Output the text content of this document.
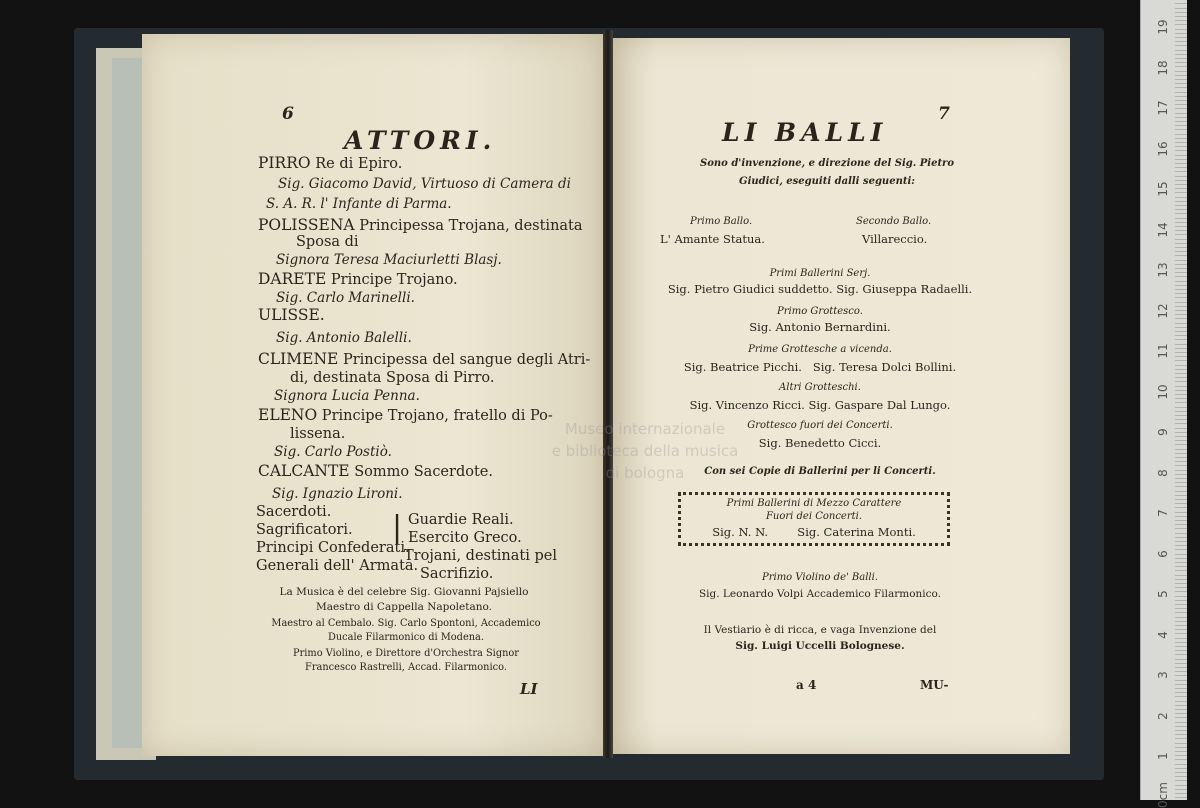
6
ATTORI.
PIRRO Re di Epiro.
Sig. Giacomo David, Virtuoso di Camera di
S. A. R. l' Infante di Parma.
POLISSENA Principessa Trojana, destinata
Sposa di
Signora Teresa Maciurletti Blasj.
DARETE Principe Trojano.
Sig. Carlo Marinelli.
ULISSE.
Sig. Antonio Balelli.
CLIMENE Principessa del sangue degli Atri-
di, destinata Sposa di Pirro.
Signora Lucia Penna.
ELENO Principe Trojano, fratello di Po-
lissena.
Sig. Carlo Postiò.
CALCANTE Sommo Sacerdote.
Sig. Ignazio Lironi.
Sacerdoti.
Sagrificatori.
Principi Confederati.
Generali dell' Armata.
| Guardie Reali.
Esercito Greco.
Trojani, destinati pel
Sacrifizio.
La Musica è del celebre Sig. Giovanni Pajsiello
Maestro di Cappella Napoletano.
Maestro al Cembalo. Sig. Carlo Spontoni, Accademico
Ducale Filarmonico di Modena.
Primo Violino, e Direttore d'Orchestra Signor
Francesco Rastrelli, Accad. Filarmonico.
LI
LI BALLI
7
Sono d'invenzione, e direzione del Sig. Pietro
Giudici, eseguiti dalli seguenti:
Primo Ballo.
L' Amante Statua.
Secondo Ballo.
Villareccio.
Primi Ballerini Serj.
Sig. Pietro Giudici suddetto. Sig. Giuseppa Radaelli.
Primo Grottesco.
Sig. Antonio Bernardini.
Prime Grottesche a vicenda.
Sig. Beatrice Picchi.   Sig. Teresa Dolci Bollini.
Altri Grotteschi.
Sig. Vincenzo Ricci. Sig. Gaspare Dal Lungo.
Grottesco fuori dei Concerti.
Sig. Benedetto Cicci.
Con sei Copie di Ballerini per li Concerti.
Primi Ballerini di Mezzo Carattere
Fuori dei Concerti.
Sig. N. N.        Sig. Caterina Monti.
Primo Violino de' Balli.
Sig. Leonardo Volpi Accademico Filarmonico.
Il Vestiario è di ricca, e vaga Invenzione del
Sig. Luigi Uccelli Bolognese.
a 4	MU-
Museo internazionale
e biblioteca della musica
di bologna
19
18
17
16
15
14
13
12
11
10
9
8
7
6
5
4
3
2
1
0cm
